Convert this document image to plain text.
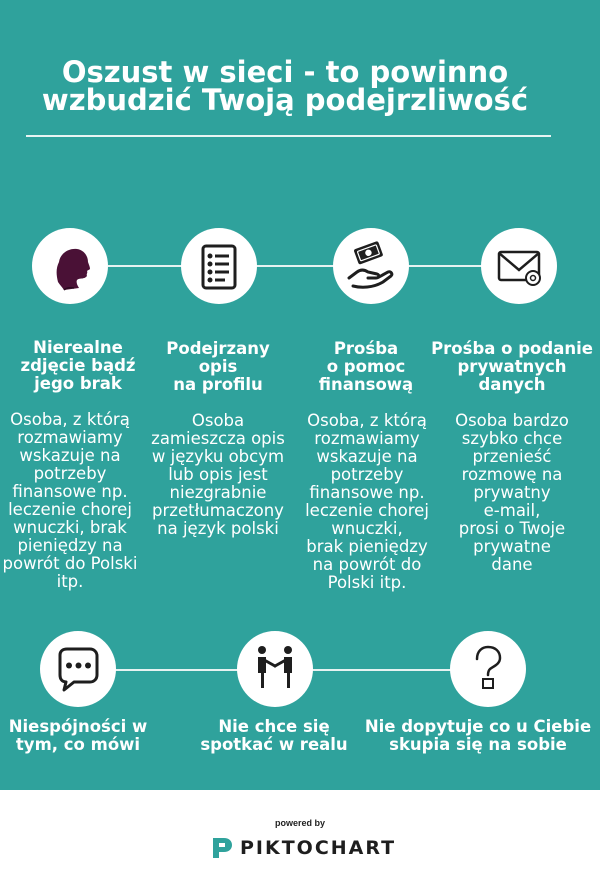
Oszust w sieci - to powinno
wzbudzić Twoją podejrzliwość
Nierealne
zdjęcie bądź
jego brak
Podejrzany
opis
na profilu
Prośba
o pomoc
finansową
Prośba o podanie
prywatnych
danych
Osoba, z którą
rozmawiamy
wskazuje na
potrzeby
finansowe np.
leczenie chorej
wnuczki, brak
pieniędzy na
powrót do Polski
itp.
Osoba
zamieszcza opis
w języku obcym
lub opis jest
niezgrabnie
przetłumaczony
na język polski
Osoba, z którą
rozmawiamy
wskazuje na
potrzeby
finansowe np.
leczenie chorej
wnuczki,
brak pieniędzy
na powrót do
Polski itp.
Osoba bardzo
szybko chce
przenieść
rozmowę na
prywatny
e-mail,
prosi o Twoje
prywatne
dane
Niespójności w
tym, co mówi
Nie chce się
spotkać w realu
Nie dopytuje co u Ciebie
skupia się na sobie
powered by
PIKTOCHART
